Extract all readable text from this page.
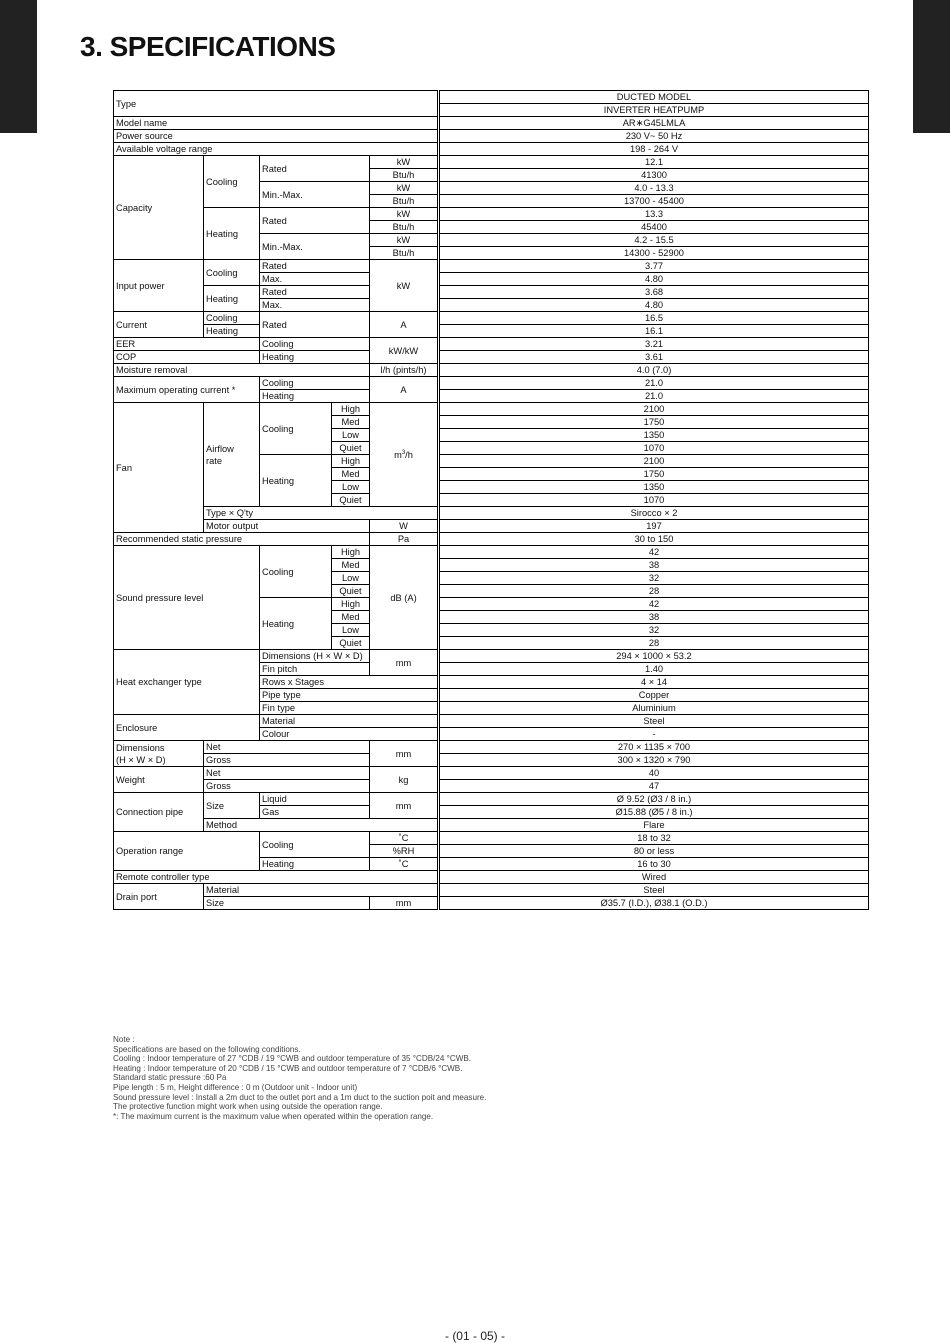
DUCT TYPE AR∗G45LMLA	DUCT TYPE AR∗G45LMLA
3. SPECIFICATIONS
Type						DUCTED MODEL
						INVERTER HEATPUMP
Model name						AR∗G45LMLA
Power source						230 V~ 50 Hz
Available voltage range						198 - 264 V
Capacity	Cooling	Rated		kW		12.1
				Btu/h		41300
		Min.-Max.		kW		4.0 - 13.3
				Btu/h		13700 - 45400
	Heating	Rated		kW		13.3
				Btu/h		45400
		Min.-Max.		kW		4.2 - 15.5
				Btu/h		14300 - 52900
Input power	Cooling	Rated		kW		3.77
		Max.				4.80
	Heating	Rated				3.68
		Max.				4.80
Current	Cooling	Rated		A		16.5
	Heating					16.1
EER		Cooling		kW/kW		3.21
COP		Heating				3.61
Moisture removal				l/h (pints/h)		4.0 (7.0)
Maximum operating current *		Cooling		A		21.0
		Heating				21.0
Fan	Airflow
rate	Cooling	High	$m^3/h$		2100
			Med			1750
			Low			1350
			Quiet			1070
		Heating	High			2100
			Med			1750
			Low			1350
			Quiet			1070
	Type × Q'ty					Sirocco × 2
	Motor output			W		197
Recommended static pressure				Pa		30 to 150
Sound pressure level		Cooling	High	dB (A)		42
			Med			38
			Low			32
			Quiet			28
		Heating	High			42
			Med			38
			Low			32
			Quiet			28
Heat exchanger type		Dimensions (H × W × D)		mm		294 × 1000 × 53.2
		Fin pitch				1.40
		Rows x Stages				4 × 14
		Pipe type				Copper
		Fin type				Aluminium
Enclosure		Material				Steel
		Colour				-
Dimensions
(H × W × D)	Net			mm		270 × 1135 × 700
	Gross					300 × 1320 × 790
Weight	Net			kg		40
	Gross					47
Connection pipe	Size	Liquid		mm		Ø 9.52 (Ø3 / 8 in.)
		Gas				Ø15.88 (Ø5 / 8 in.)
	Method					Flare
Operation range		Cooling		˚C		18 to 32
				%RH		80 or less
		Heating		˚C		16 to 30
Remote controller type						Wired
Drain port	Material					Steel
	Size			mm		Ø35.7 (I.D.), Ø38.1 (O.D.)
Note :
Specifications are based on the following conditions.
Cooling : Indoor temperature of 27 °CDB / 19 °CWB and outdoor temperature of 35 °CDB/24 °CWB.
Heating : Indoor temperature of 20 °CDB / 15 °CWB and outdoor temperature of 7 °CDB/6 °CWB.
Standard static pressure :60 Pa
Pipe length : 5 m, Height difference : 0 m (Outdoor unit - Indoor unit)
Sound pressure level : Install a 2m duct to the outlet port and a 1m duct to the suction poit and measure.
The protective function might work when using outside the operation range.
*: The maximum current is the maximum value when operated within the operation range.
- (01 - 05) -
